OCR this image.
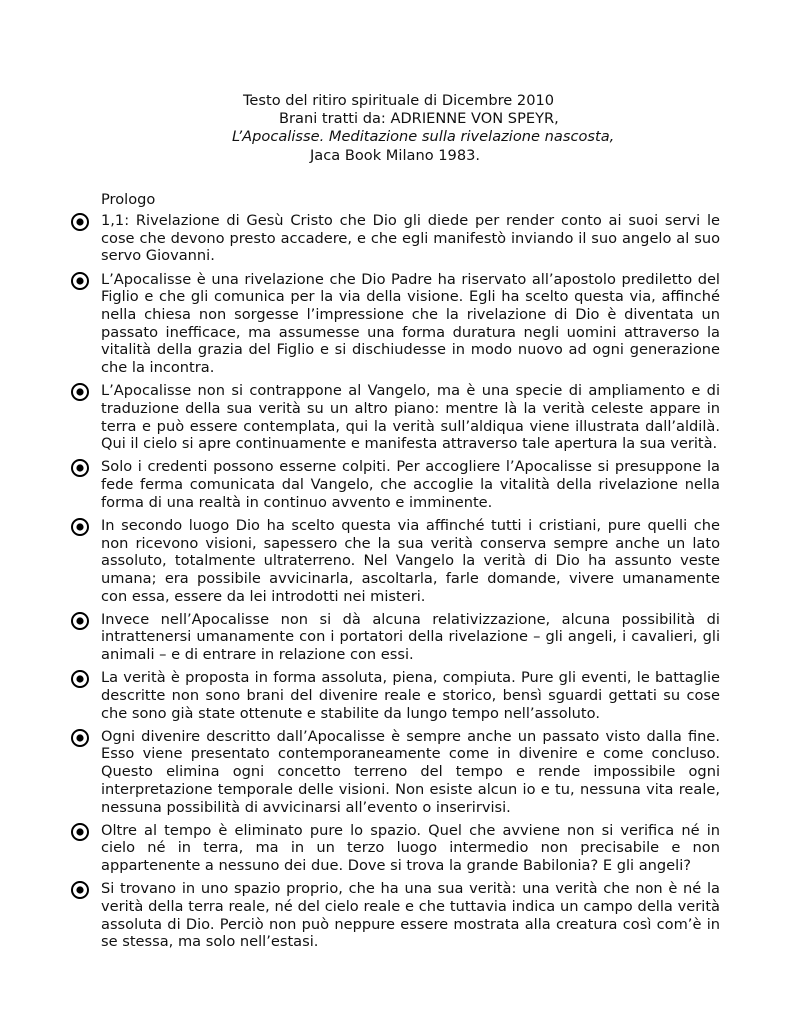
Testo del ritiro spirituale di Dicembre 2010
Brani tratti da: ADRIENNE VON SPEYR,
L’Apocalisse. Meditazione sulla rivelazione nascosta,
Jaca Book Milano 1983.
Prologo
1,1: Rivelazione di Gesù Cristo che Dio gli diede per render conto ai suoi servi le cose che devono presto accadere, e che egli manifestò inviando il suo angelo al suo servo Giovanni.
L’Apocalisse è una rivelazione che Dio Padre ha riservato all’apostolo prediletto del Figlio e che gli comunica per la via della visione. Egli ha scelto questa via, affinché nella chiesa non sorgesse l’impressione che la rivelazione di Dio è diventata un passato inefficace, ma assumesse una forma duratura negli uomini attraverso la vitalità della grazia del Figlio e si dischiudesse in modo nuovo ad ogni generazione che la incontra.
L’Apocalisse non si contrappone al Vangelo, ma è una specie di ampliamento e di traduzione della sua verità su un altro piano: mentre là la verità celeste appare in terra e può essere contemplata, qui la verità sull’aldiqua viene illustrata dall’aldilà. Qui il cielo si apre continuamente e manifesta attraverso tale apertura la sua verità.
Solo i credenti possono esserne colpiti. Per accogliere l’Apocalisse si presuppone la fede ferma comunicata dal Vangelo, che accoglie la vitalità della rivelazione nella forma di una realtà in continuo avvento e imminente.
In secondo luogo Dio ha scelto questa via affinché tutti i cristiani, pure quelli che non ricevono visioni, sapessero che la sua verità conserva sempre anche un lato assoluto, totalmente ultraterreno. Nel Vangelo la verità di Dio ha assunto veste umana; era possibile avvicinarla, ascoltarla, farle domande, vivere umanamente con essa, essere da lei introdotti nei misteri.
Invece nell’Apocalisse non si dà alcuna relativizzazione, alcuna possibilità di intrattenersi umanamente con i portatori della rivelazione – gli angeli, i cavalieri, gli animali – e di entrare in relazione con essi.
La verità è proposta in forma assoluta, piena, compiuta. Pure gli eventi, le battaglie descritte non sono brani del divenire reale e storico, bensì sguardi gettati su cose che sono già state ottenute e stabilite da lungo tempo nell’assoluto.
Ogni divenire descritto dall’Apocalisse è sempre anche un passato visto dalla fine. Esso viene presentato contemporaneamente come in divenire e come concluso. Questo elimina ogni concetto terreno del tempo e rende impossibile ogni interpretazione temporale delle visioni. Non esiste alcun io e tu, nessuna vita reale, nessuna possibilità di avvicinarsi all’evento o inserirvisi.
Oltre al tempo è eliminato pure lo spazio. Quel che avviene non si verifica né in cielo né in terra, ma in un terzo luogo intermedio non precisabile e non appartenente a nessuno dei due. Dove si trova la grande Babilonia? E gli angeli?
Si trovano in uno spazio proprio, che ha una sua verità: una verità che non è né la verità della terra reale, né del cielo reale e che tuttavia indica un campo della verità assoluta di Dio. Perciò non può neppure essere mostrata alla creatura così com’è in se stessa, ma solo nell’estasi.
